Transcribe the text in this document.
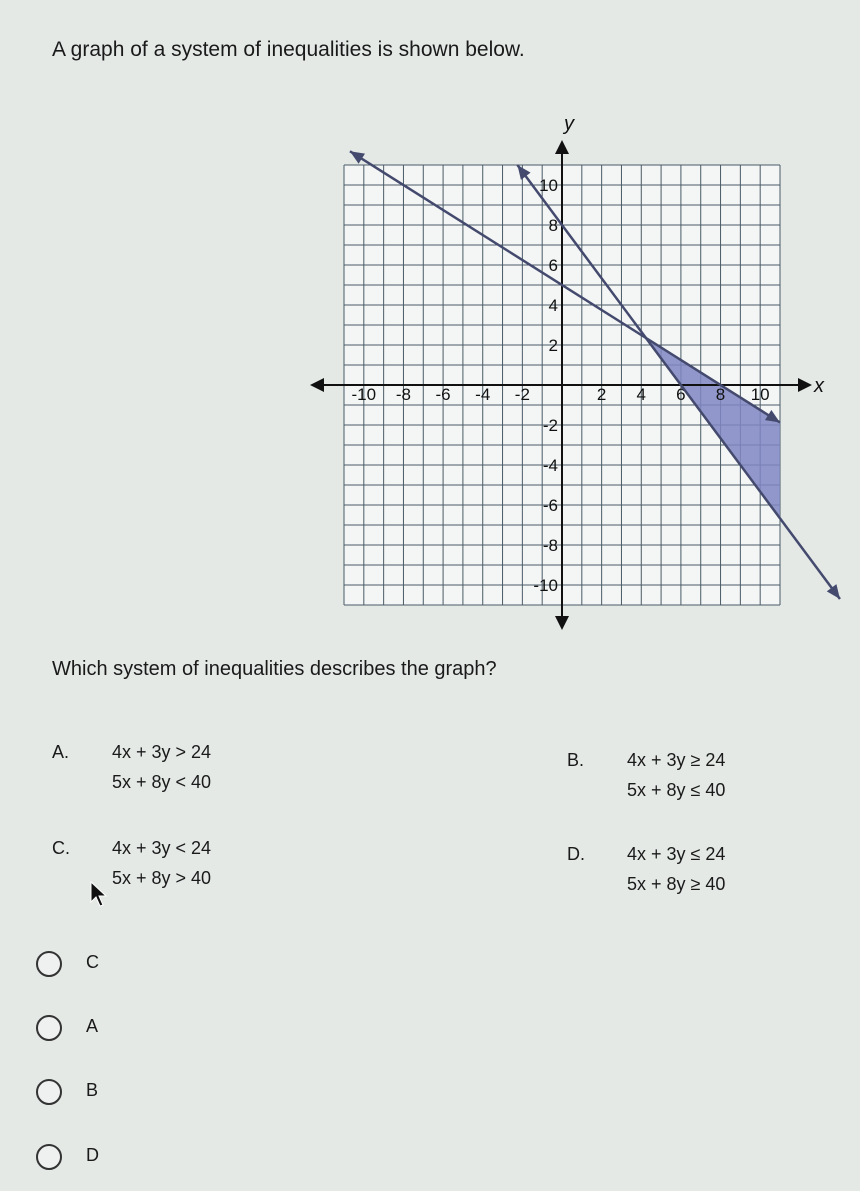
A graph of a system of inequalities is shown below.
x
y
-10 -8 -6 -4 -2	2 4 6 8 10
10
8
6
4
2
-2
-4
-6
-8
-10

Which system of inequalities describes the graph?

A. 4x + 3y > 24
5x + 8y < 40
B. 4x + 3y ≥ 24
5x + 8y ≤ 40
C. 4x + 3y < 24
5x + 8y > 40
D. 4x + 3y ≤ 24
5x + 8y ≥ 40
C
A
B
D
